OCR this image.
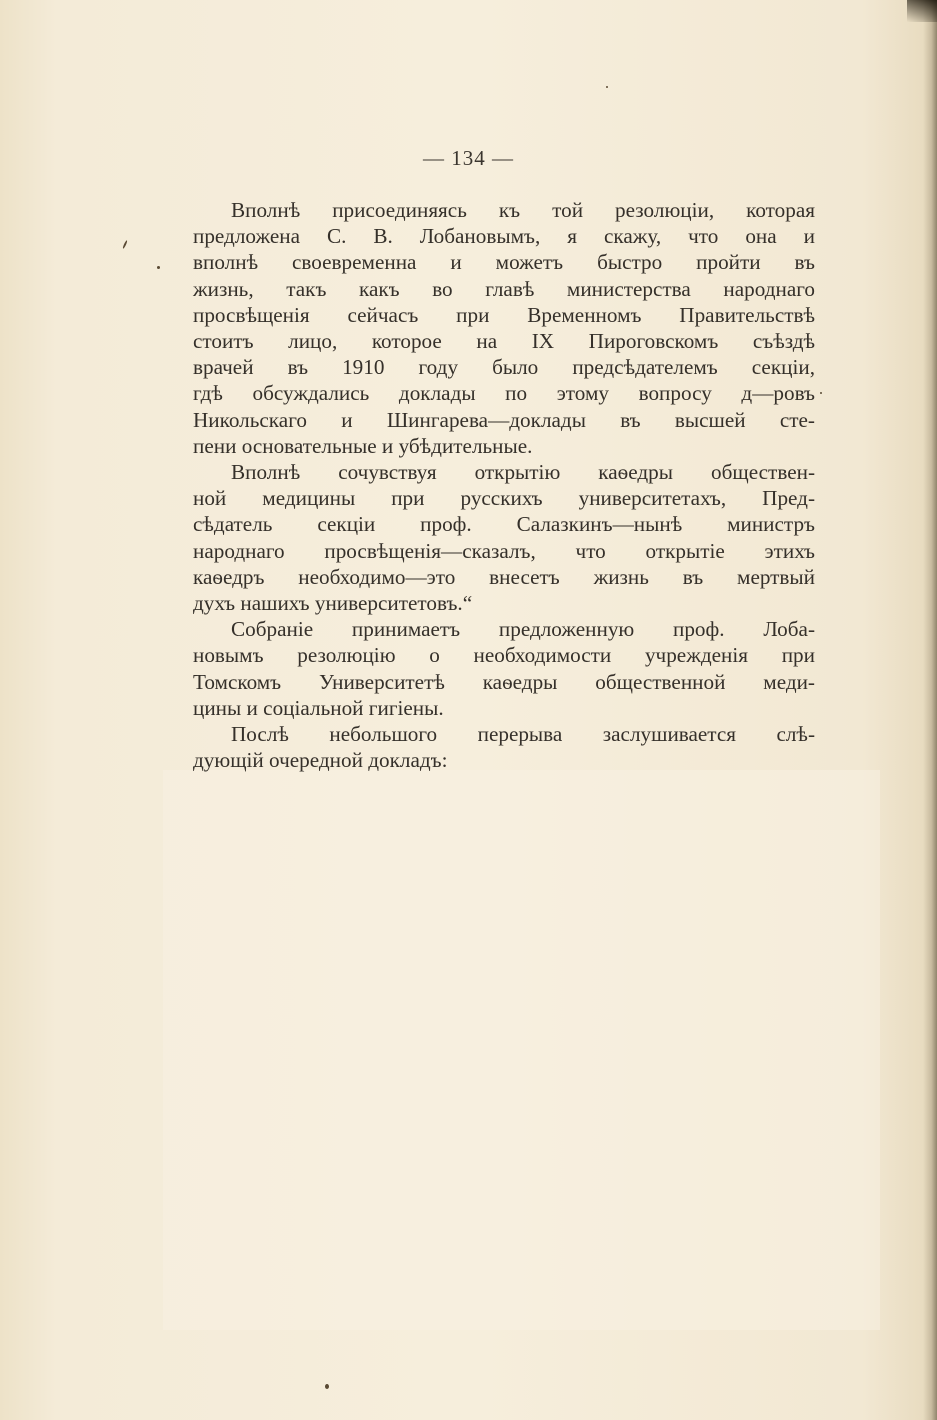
— 134 —
Вполнѣ присоединяясь къ той резолюціи, которая
предложена С. В. Лобановымъ, я скажу, что она и
вполнѣ своевременна и можетъ быстро пройти въ
жизнь, такъ какъ во главѣ министерства народнаго
просвѣщенія сейчасъ при Временномъ Правительствѣ
стоитъ лицо, которое на IX Пироговскомъ съѣздѣ
врачей въ 1910 году было предсѣдателемъ секціи,
гдѣ обсуждались доклады по этому вопросу д—ровъ
Никольскаго и Шингарева—доклады въ высшей сте-
пени основательные и убѣдительные.
Вполнѣ сочувствуя открытію каѳедры обществен-
ной медицины при русскихъ университетахъ, Пред-
сѣдатель секціи проф. Салазкинъ—нынѣ министръ
народнаго просвѣщенія—сказалъ, что открытіе этихъ
каѳедръ необходимо—это внесетъ жизнь въ мертвый
духъ нашихъ университетовъ.“
Собраніе принимаетъ предложенную проф. Лоба-
новымъ резолюцію о необходимости учрежденія при
Томскомъ Университетѣ каѳедры общественной меди-
цины и соціальной гигіены.
Послѣ небольшого перерыва заслушивается слѣ-
дующій очередной докладъ:
